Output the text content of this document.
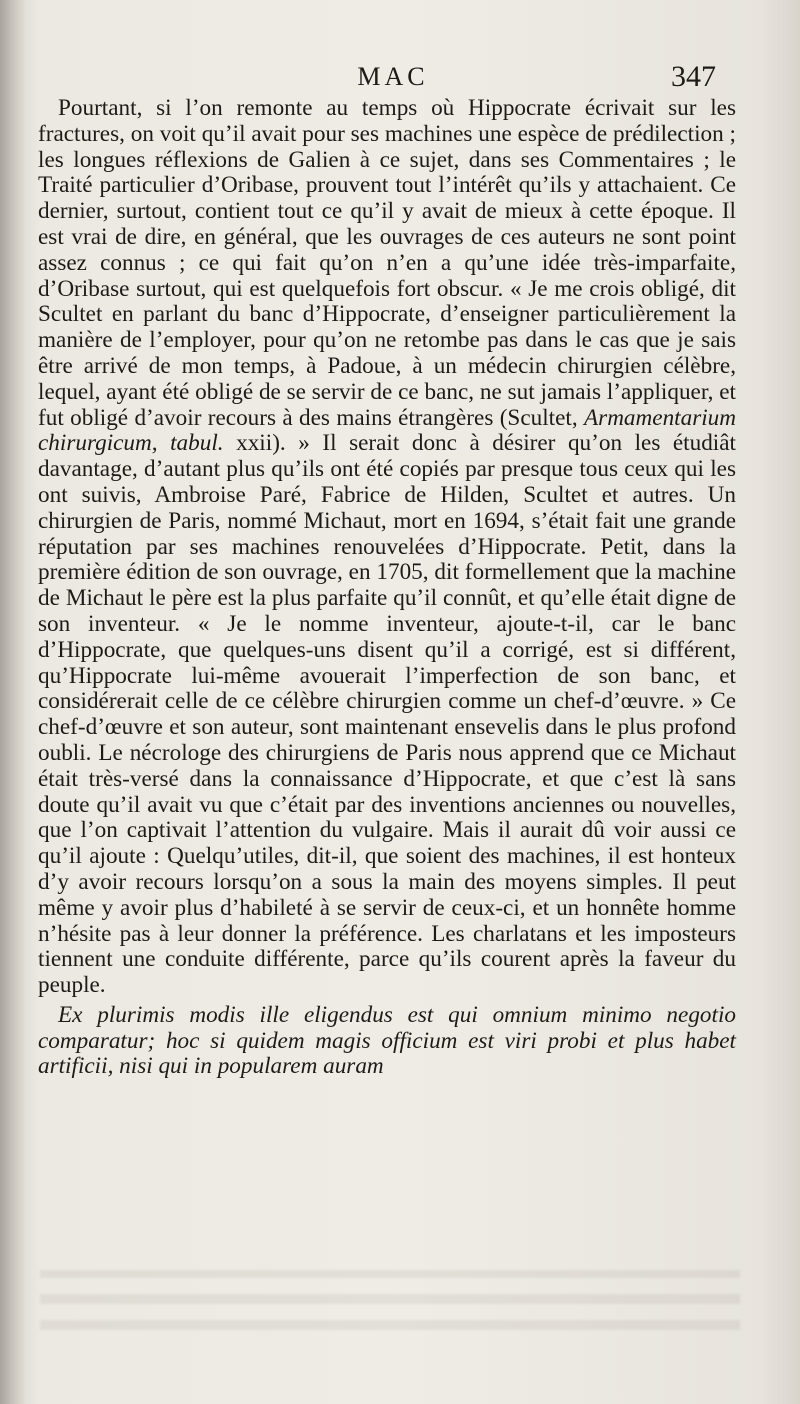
MAC	347

Pourtant, si l’on remonte au temps où Hippocrate écrivait sur les fractures, on voit qu’il avait pour ses machines une espèce de prédilection ; les longues réflexions de Galien à ce sujet, dans ses Commentaires ; le Traité particulier d’Oribase, prouvent tout l’intérêt qu’ils y attachaient. Ce dernier, surtout, contient tout ce qu’il y avait de mieux à cette époque. Il est vrai de dire, en général, que les ouvrages de ces auteurs ne sont point assez connus ; ce qui fait qu’on n’en a qu’une idée très-imparfaite, d’Oribase surtout, qui est quelquefois fort obscur. « Je me crois obligé, dit Scultet en parlant du banc d’Hippocrate, d’enseigner particulièrement la manière de l’employer, pour qu’on ne retombe pas dans le cas que je sais être arrivé de mon temps, à Padoue, à un médecin chirurgien célèbre, lequel, ayant été obligé de se servir de ce banc, ne sut jamais l’appliquer, et fut obligé d’avoir recours à des mains étrangères (Scultet, Armamentarium chirurgicum, tabul. xxii). » Il serait donc à désirer qu’on les étudiât davantage, d’autant plus qu’ils ont été copiés par presque tous ceux qui les ont suivis, Ambroise Paré, Fabrice de Hilden, Scultet et autres. Un chirurgien de Paris, nommé Michaut, mort en 1694, s’était fait une grande réputation par ses machines renouvelées d’Hippocrate. Petit, dans la première édition de son ouvrage, en 1705, dit formellement que la machine de Michaut le père est la plus parfaite qu’il connût, et qu’elle était digne de son inventeur. « Je le nomme inventeur, ajoute-t-il, car le banc d’Hippocrate, que quelques-uns disent qu’il a corrigé, est si différent, qu’Hippocrate lui-même avouerait l’imperfection de son banc, et considérerait celle de ce célèbre chirurgien comme un chef-d’œuvre. » Ce chef-d’œuvre et son auteur, sont maintenant ensevelis dans le plus profond oubli. Le nécrologe des chirurgiens de Paris nous apprend que ce Michaut était très-versé dans la connaissance d’Hippocrate, et que c’est là sans doute qu’il avait vu que c’était par des inventions anciennes ou nouvelles, que l’on captivait l’attention du vulgaire. Mais il aurait dû voir aussi ce qu’il ajoute : Quelqu’utiles, dit-il, que soient des machines, il est honteux d’y avoir recours lorsqu’on a sous la main des moyens simples. Il peut même y avoir plus d’habileté à se servir de ceux-ci, et un honnête homme n’hésite pas à leur donner la préférence. Les charlatans et les imposteurs tiennent une conduite différente, parce qu’ils courent après la faveur du peuple.

Ex plurimis modis ille eligendus est qui omnium minimo negotio comparatur; hoc si quidem magis officium est viri probi et plus habet artificii, nisi qui in popularem auram
